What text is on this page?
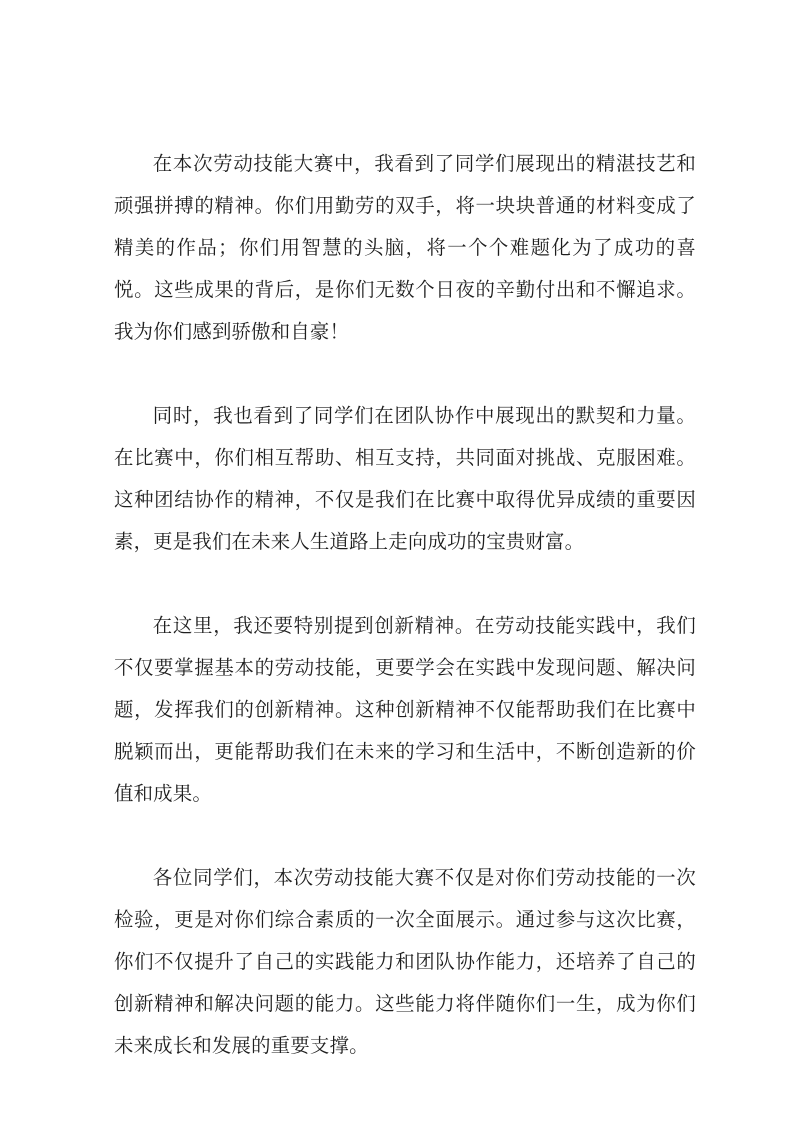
在本次劳动技能大赛中，我看到了同学们展现出的精湛技艺和顽强拼搏的精神。你们用勤劳的双手，将一块块普通的材料变成了精美的作品；你们用智慧的头脑，将一个个难题化为了成功的喜悦。这些成果的背后，是你们无数个日夜的辛勤付出和不懈追求。我为你们感到骄傲和自豪！

同时，我也看到了同学们在团队协作中展现出的默契和力量。在比赛中，你们相互帮助、相互支持，共同面对挑战、克服困难。这种团结协作的精神，不仅是我们在比赛中取得优异成绩的重要因素，更是我们在未来人生道路上走向成功的宝贵财富。

在这里，我还要特别提到创新精神。在劳动技能实践中，我们不仅要掌握基本的劳动技能，更要学会在实践中发现问题、解决问题，发挥我们的创新精神。这种创新精神不仅能帮助我们在比赛中脱颖而出，更能帮助我们在未来的学习和生活中，不断创造新的价值和成果。

各位同学们，本次劳动技能大赛不仅是对你们劳动技能的一次检验，更是对你们综合素质的一次全面展示。通过参与这次比赛，你们不仅提升了自己的实践能力和团队协作能力，还培养了自己的创新精神和解决问题的能力。这些能力将伴随你们一生，成为你们未来成长和发展的重要支撑。
